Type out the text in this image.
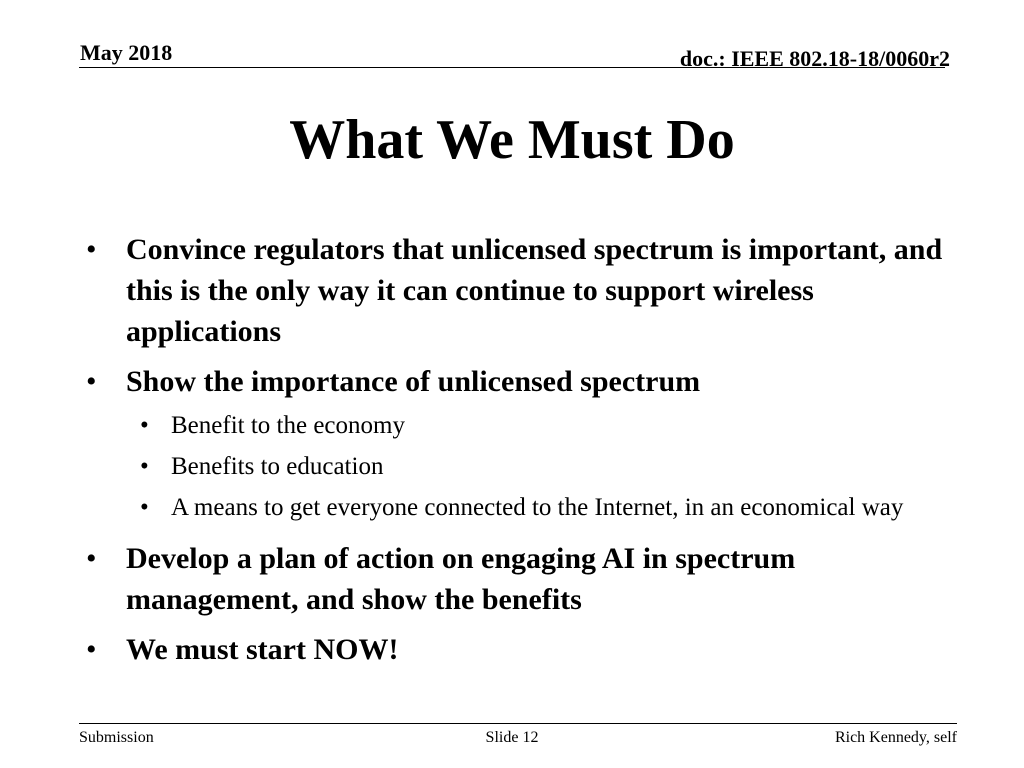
May 2018	doc.: IEEE 802.18-18/0060r2
What We Must Do
• Convince regulators that unlicensed spectrum is important, and this is the only way it can continue to support wireless applications
• Show the importance of unlicensed spectrum
• Benefit to the economy
• Benefits to education
• A means to get everyone connected to the Internet, in an economical way
• Develop a plan of action on engaging AI in spectrum management, and show the benefits
• We must start NOW!
Submission	Slide 12	Rich Kennedy, self
